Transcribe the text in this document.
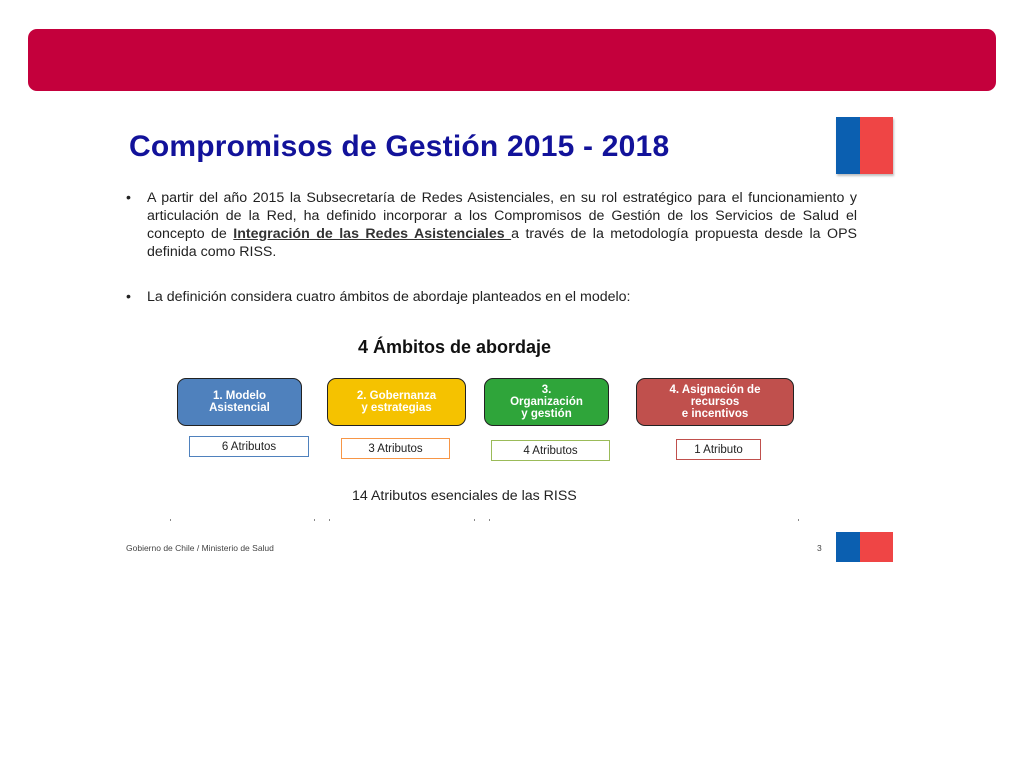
Compromisos de Gestión 2015 - 2018
• A partir del año 2015 la Subsecretaría de Redes Asistenciales, en su rol estratégico para el funcionamiento y articulación de la Red, ha definido incorporar a los Compromisos de Gestión de los Servicios de Salud el concepto de Integración de las Redes Asistenciales a través de la metodología propuesta desde la OPS definida como RISS.
• La definición considera cuatro ámbitos de abordaje planteados en el modelo:
4 Ámbitos de abordaje
1. Modelo
Asistencial
2. Gobernanza
y estrategias
3.
Organización
y gestión
4. Asignación de
recursos
e incentivos
6 Atributos	3 Atributos	4 Atributos	1 Atributo
14 Atributos esenciales de las RISS
Gobierno de Chile / Ministerio de Salud	3
